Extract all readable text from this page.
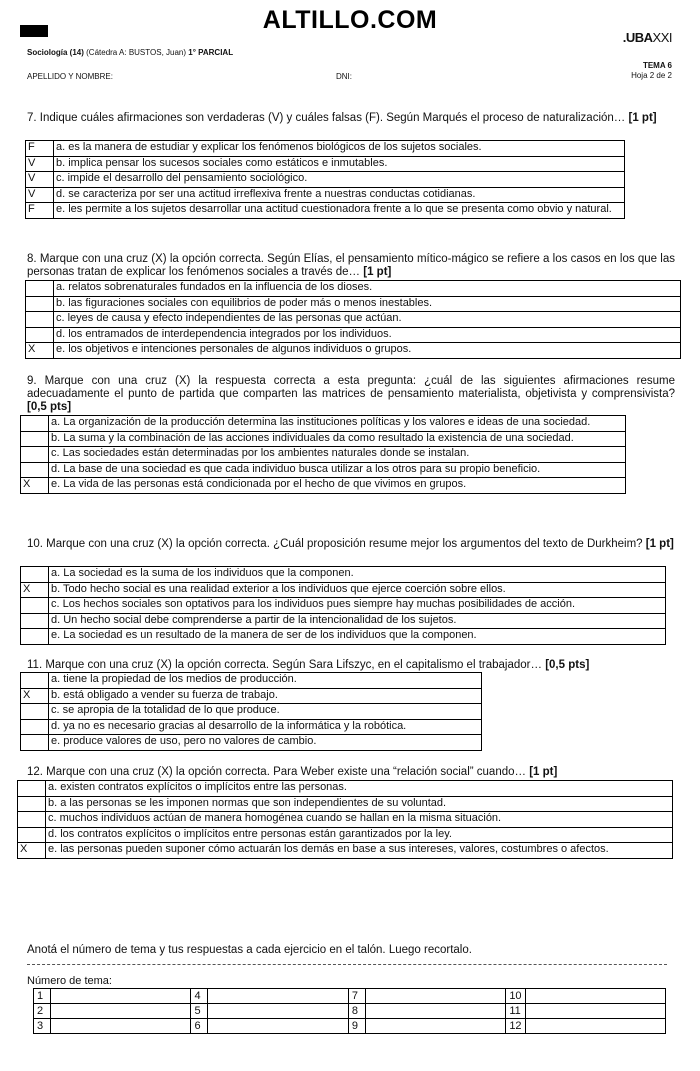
ALTILLO.COM
.UBAXXI
Sociología (14) (Cátedra A: BUSTOS, Juan) 1° PARCIAL
TEMA 6
Hoja 2 de 2
APELLIDO Y NOMBRE:	DNI:
7. Indique cuáles afirmaciones son verdaderas (V) y cuáles falsas (F). Según Marqués el proceso de naturalización… [1 pt]
F	a. es la manera de estudiar y explicar los fenómenos biológicos de los sujetos sociales.
V	b. implica pensar los sucesos sociales como estáticos e inmutables.
V	c. impide el desarrollo del pensamiento sociológico.
V	d. se caracteriza por ser una actitud irreflexiva frente a nuestras conductas cotidianas.
F	e. les permite a los sujetos desarrollar una actitud cuestionadora frente a lo que se presenta como obvio y natural.
8. Marque con una cruz (X) la opción correcta. Según Elías, el pensamiento mítico-mágico se refiere a los casos en los que las personas tratan de explicar los fenómenos sociales a través de… [1 pt]
	a. relatos sobrenaturales fundados en la influencia de los dioses.
	b. las figuraciones sociales con equilibrios de poder más o menos inestables.
	c. leyes de causa y efecto independientes de las personas que actúan.
	d. los entramados de interdependencia integrados por los individuos.
X	e. los objetivos e intenciones personales de algunos individuos o grupos.
9. Marque con una cruz (X) la respuesta correcta a esta pregunta: ¿cuál de las siguientes afirmaciones resume adecuadamente el punto de partida que comparten las matrices de pensamiento materialista, objetivista y comprensivista? [0,5 pts]
	a. La organización de la producción determina las instituciones políticas y los valores e ideas de una sociedad.
	b. La suma y la combinación de las acciones individuales da como resultado la existencia de una sociedad.
	c. Las sociedades están determinadas por los ambientes naturales donde se instalan.
	d. La base de una sociedad es que cada individuo busca utilizar a los otros para su propio beneficio.
X	e. La vida de las personas está condicionada por el hecho de que vivimos en grupos.
10. Marque con una cruz (X) la opción correcta. ¿Cuál proposición resume mejor los argumentos del texto de Durkheim? [1 pt]
	a. La sociedad es la suma de los individuos que la componen.
X	b. Todo hecho social es una realidad exterior a los individuos que ejerce coerción sobre ellos.
	c. Los hechos sociales son optativos para los individuos pues siempre hay muchas posibilidades de acción.
	d. Un hecho social debe comprenderse a partir de la intencionalidad de los sujetos.
	e. La sociedad es un resultado de la manera de ser de los individuos que la componen.
11. Marque con una cruz (X) la opción correcta. Según Sara Lifszyc, en el capitalismo el trabajador… [0,5 pts]
	a. tiene la propiedad de los medios de producción.
X	b. está obligado a vender su fuerza de trabajo.
	c. se apropia de la totalidad de lo que produce.
	d. ya no es necesario gracias al desarrollo de la informática y la robótica.
	e. produce valores de uso, pero no valores de cambio.
12. Marque con una cruz (X) la opción correcta. Para Weber existe una “relación social” cuando… [1 pt]
	a. existen contratos explícitos o implícitos entre las personas.
	b. a las personas se les imponen normas que son independientes de su voluntad.
	c. muchos individuos actúan de manera homogénea cuando se hallan en la misma situación.
	d. los contratos explícitos o implícitos entre personas están garantizados por la ley.
X	e. las personas pueden suponer cómo actuarán los demás en base a sus intereses, valores, costumbres o afectos.
Anotá el número de tema y tus respuestas a cada ejercicio en el talón. Luego recortalo.
Número de tema:
1		4		7		10	
2		5		8		11	
3		6		9		12	
